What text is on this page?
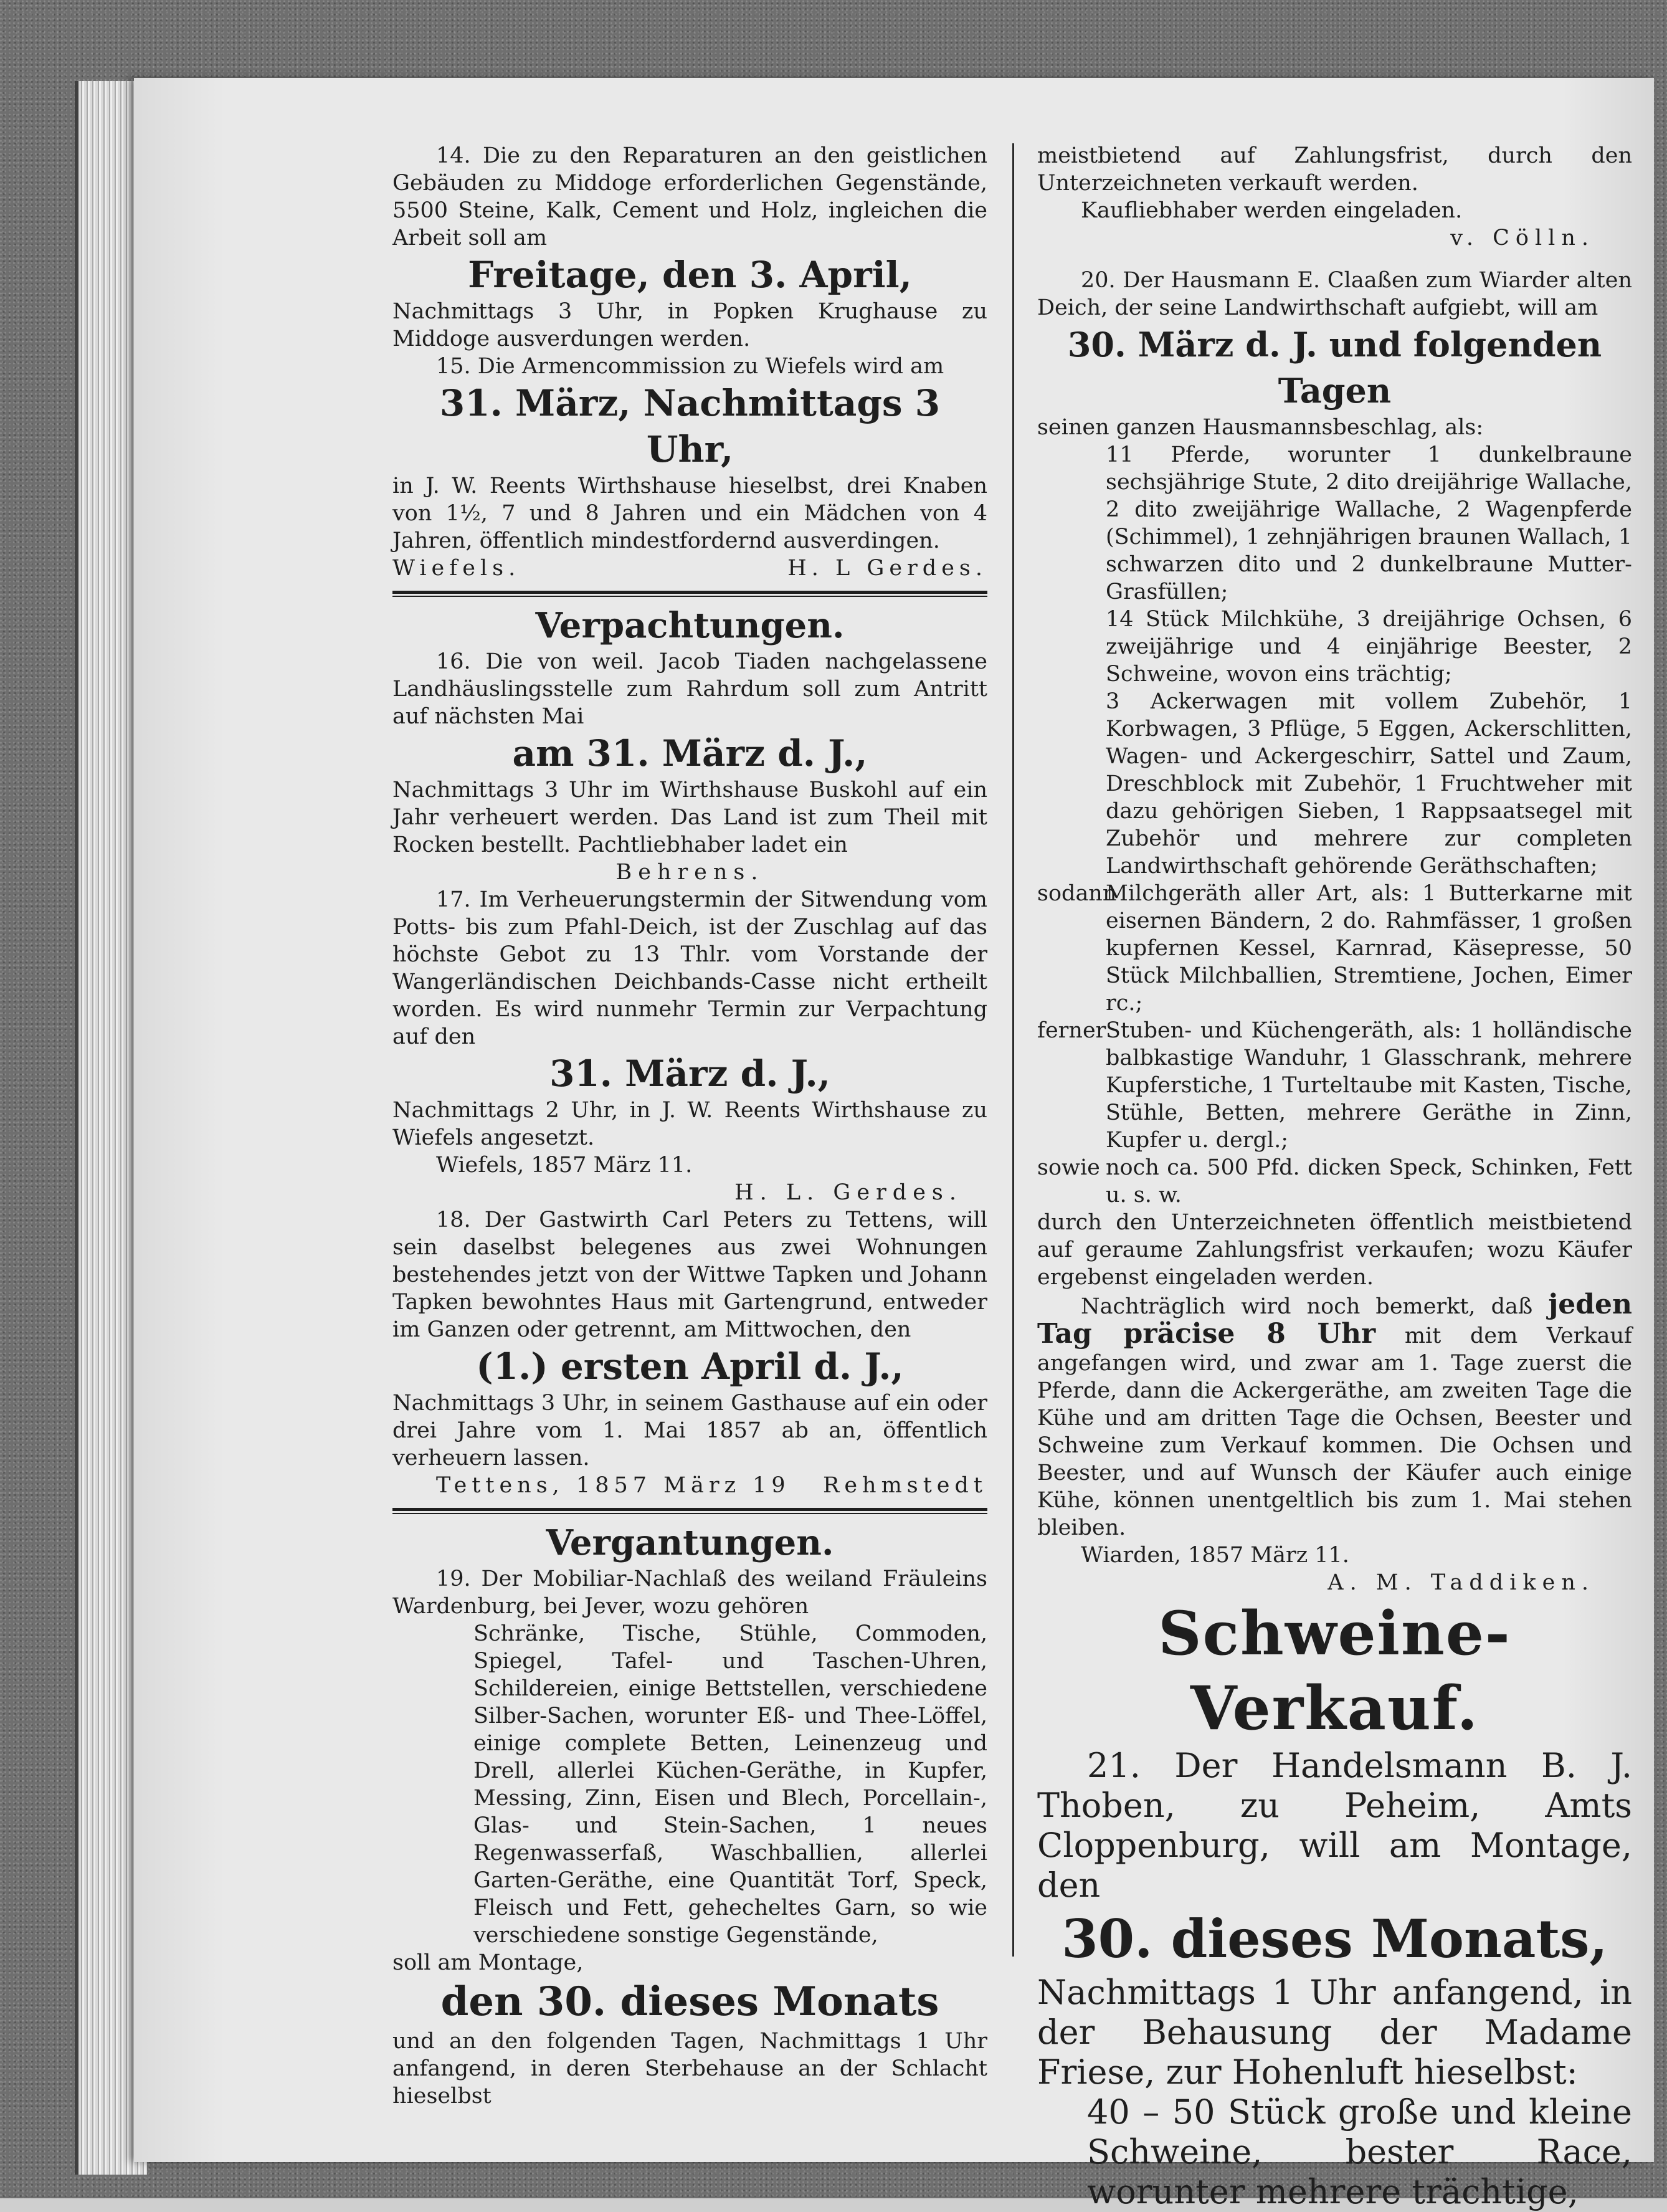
14. Die zu den Reparaturen an den geistlichen Gebäuden zu Middoge erforderlichen Gegenstände, 5500 Steine, Kalk, Cement und Holz, ingleichen die Arbeit soll am

Freitage, den 3. April,

Nachmittags 3 Uhr, in Popken Krughause zu Middoge ausverdungen werden.

15. Die Armencommission zu Wiefels wird am

31. März, Nachmittags 3 Uhr,

in J. W. Reents Wirthshause hieselbst, drei Knaben von 1½, 7 und 8 Jahren und ein Mädchen von 4 Jahren, öffentlich mindestfordernd ausverdingen.

Wiefels.	H. L Gerdes.

Verpachtungen.

16. Die von weil. Jacob Tiaden nachgelassene Landhäuslingsstelle zum Rahrdum soll zum Antritt auf nächsten Mai

am 31. März d. J.,

Nachmittags 3 Uhr im Wirthshause Buskohl auf ein Jahr verheuert werden. Das Land ist zum Theil mit Rocken bestellt. Pachtliebhaber ladet ein

Behrens.

17. Im Verheuerungstermin der Sitwendung vom Potts- bis zum Pfahl-Deich, ist der Zuschlag auf das höchste Gebot zu 13 Thlr. vom Vorstande der Wangerländischen Deichbands-Casse nicht ertheilt worden. Es wird nunmehr Termin zur Verpachtung auf den

31. März d. J.,

Nachmittags 2 Uhr, in J. W. Reents Wirthshause zu Wiefels angesetzt.

Wiefels, 1857 März 11.

H. L. Gerdes.

18. Der Gastwirth Carl Peters zu Tettens, will sein daselbst belegenes aus zwei Wohnungen bestehendes jetzt von der Wittwe Tapken und Johann Tapken bewohntes Haus mit Gartengrund, entweder im Ganzen oder getrennt, am Mittwochen, den

(1.) ersten April d. J.,

Nachmittags 3 Uhr, in seinem Gasthause auf ein oder drei Jahre vom 1. Mai 1857 ab an, öffentlich verheuern lassen.

Tettens, 1857 März 19 Rehmstedt

Vergantungen.

19. Der Mobiliar-Nachlaß des weiland Fräuleins Wardenburg, bei Jever, wozu gehören

Schränke, Tische, Stühle, Commoden, Spiegel, Tafel- und Taschen-Uhren, Schildereien, einige Bettstellen, verschiedene Silber-Sachen, worunter Eß- und Thee-Löffel, einige complete Betten, Leinenzeug und Drell, allerlei Küchen-Geräthe, in Kupfer, Messing, Zinn, Eisen und Blech, Porcellain-, Glas- und Stein-Sachen, 1 neues Regenwasserfaß, Waschballien, allerlei Garten-Geräthe, eine Quantität Torf, Speck, Fleisch und Fett, gehecheltes Garn, so wie verschiedene sonstige Gegenstände,

soll am Montage,

den 30. dieses Monats

und an den folgenden Tagen, Nachmittags 1 Uhr anfangend, in deren Sterbehause an der Schlacht hieselbst

meistbietend auf Zahlungsfrist, durch den Unterzeichneten verkauft werden.

Kaufliebhaber werden eingeladen.

v. Cölln.

20. Der Hausmann E. Claaßen zum Wiarder alten Deich, der seine Landwirthschaft aufgiebt, will am

30. März d. J. und folgenden Tagen

seinen ganzen Hausmannsbeschlag, als:

11 Pferde, worunter 1 dunkelbraune sechsjährige Stute, 2 dito dreijährige Wallache, 2 dito zweijährige Wallache, 2 Wagenpferde (Schimmel), 1 zehnjährigen braunen Wallach, 1 schwarzen dito und 2 dunkelbraune Mutter-Grasfüllen;

14 Stück Milchkühe, 3 dreijährige Ochsen, 6 zweijährige und 4 einjährige Beester, 2 Schweine, wovon eins trächtig;

3 Ackerwagen mit vollem Zubehör, 1 Korbwagen, 3 Pflüge, 5 Eggen, Ackerschlitten, Wagen- und Ackergeschirr, Sattel und Zaum, Dreschblock mit Zubehör, 1 Fruchtweher mit dazu gehörigen Sieben, 1 Rappsaatsegel mit Zubehör und mehrere zur completen Landwirthschaft gehörende Geräthschaften;

sodann
Milchgeräth aller Art, als: 1 Butterkarne mit eisernen Bändern, 2 do. Rahmfässer, 1 großen kupfernen Kessel, Karnrad, Käsepresse, 50 Stück Milchballien, Stremtiene, Jochen, Eimer rc.;
ferner Stuben- und Küchengeräth, als: 1 holländische balbkastige Wanduhr, 1 Glasschrank, mehrere Kupferstiche, 1 Turteltaube mit Kasten, Tische, Stühle, Betten, mehrere Geräthe in Zinn, Kupfer u. dergl.;
sowie noch ca. 500 Pfd. dicken Speck, Schinken, Fett u. s. w.

durch den Unterzeichneten öffentlich meistbietend auf geraume Zahlungsfrist verkaufen; wozu Käufer ergebenst eingeladen werden.

Nachträglich wird noch bemerkt, daß jeden Tag präcise 8 Uhr mit dem Verkauf angefangen wird, und zwar am 1. Tage zuerst die Pferde, dann die Ackergeräthe, am zweiten Tage die Kühe und am dritten Tage die Ochsen, Beester und Schweine zum Verkauf kommen. Die Ochsen und Beester, und auf Wunsch der Käufer auch einige Kühe, können unentgeltlich bis zum 1. Mai stehen bleiben.

Wiarden, 1857 März 11.

A. M. Taddiken.

Schweine-Verkauf.

21. Der Handelsmann B. J. Thoben, zu Peheim, Amts Cloppenburg, will am Montage, den

30. dieses Monats,

Nachmittags 1 Uhr anfangend, in der Behausung der Madame Friese, zur Hohenluft hieselbst:

40 – 50 Stück große und kleine Schweine, bester Race, worunter mehrere trächtige,
